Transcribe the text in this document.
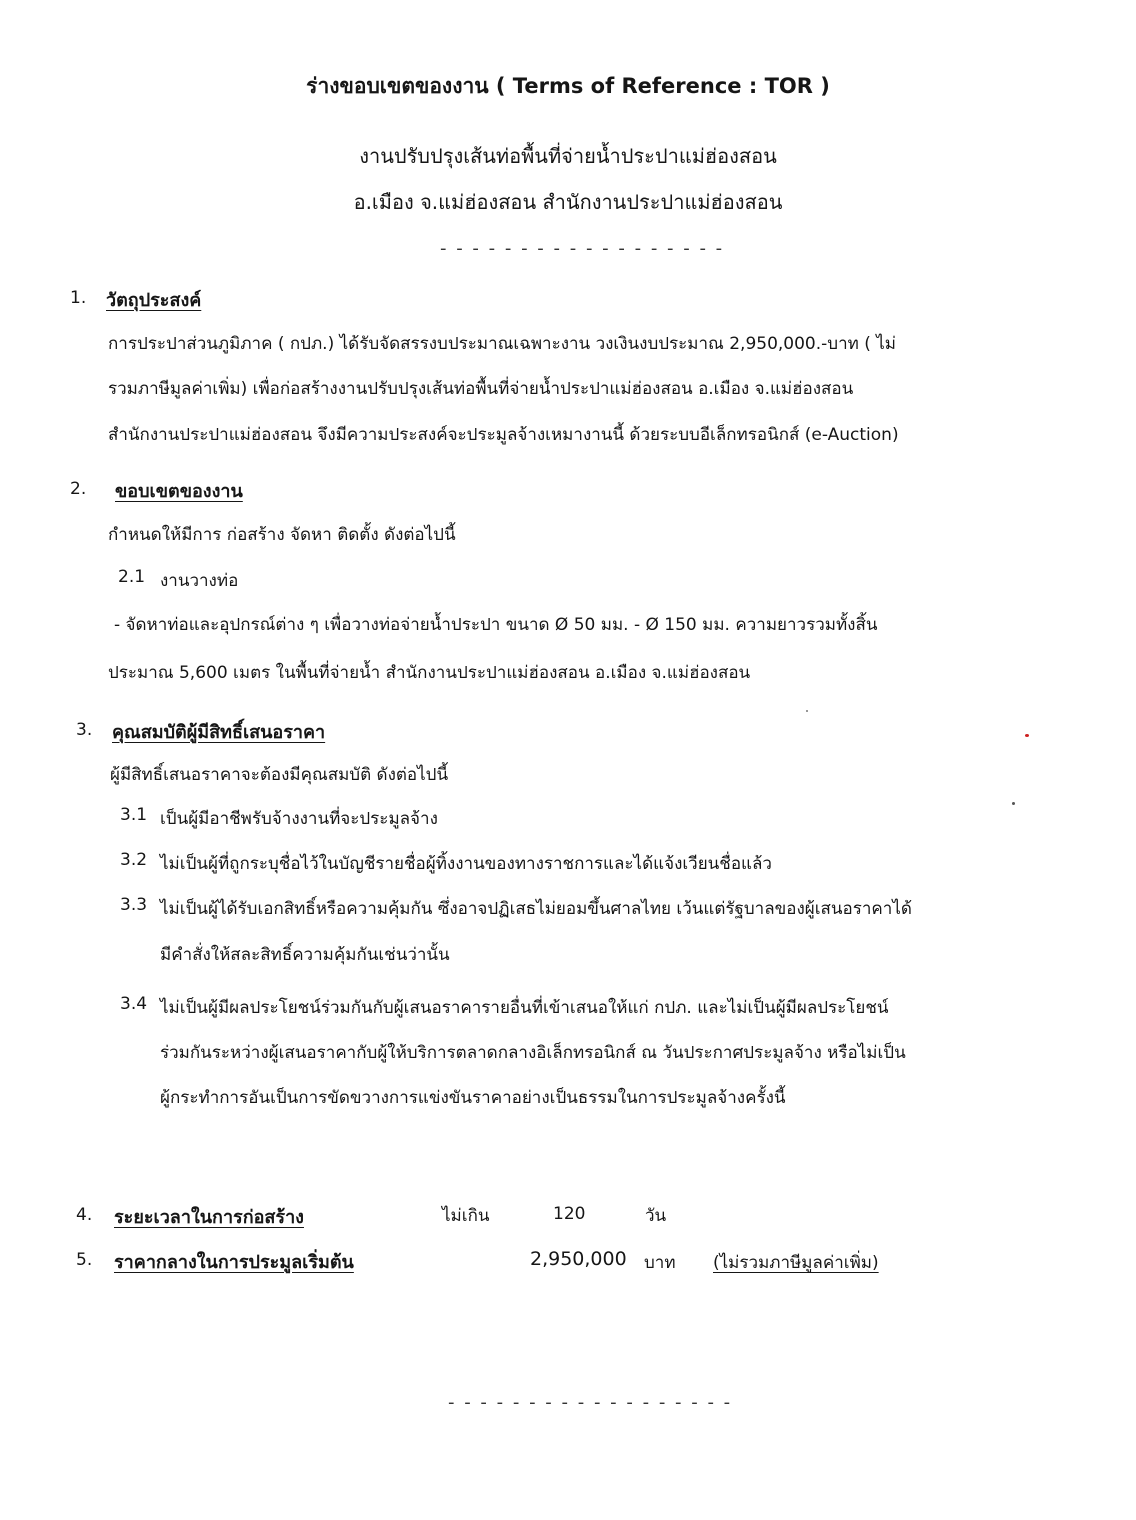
ร่างขอบเขตของงาน ( Terms of Reference : TOR )
งานปรับปรุงเส้นท่อพื้นที่จ่ายน้ำประปาแม่ฮ่องสอน
อ.เมือง จ.แม่ฮ่องสอน สำนักงานประปาแม่ฮ่องสอน
- - - - - - - - - - - - - - - - - -
1. วัตถุประสงค์
การประปาส่วนภูมิภาค ( กปภ.) ได้รับจัดสรรงบประมาณเฉพาะงาน วงเงินงบประมาณ 2,950,000.-บาท ( ไม่
รวมภาษีมูลค่าเพิ่ม) เพื่อก่อสร้างงานปรับปรุงเส้นท่อพื้นที่จ่ายน้ำประปาแม่ฮ่องสอน อ.เมือง จ.แม่ฮ่องสอน
สำนักงานประปาแม่ฮ่องสอน จึงมีความประสงค์จะประมูลจ้างเหมางานนี้ ด้วยระบบอีเล็กทรอนิกส์ (e-Auction)
2. ขอบเขตของงาน
กำหนดให้มีการ ก่อสร้าง จัดหา ติดตั้ง ดังต่อไปนี้
2.1 งานวางท่อ
- จัดหาท่อและอุปกรณ์ต่าง ๆ เพื่อวางท่อจ่ายน้ำประปา ขนาด Ø 50 มม. - Ø 150 มม. ความยาวรวมทั้งสิ้น
ประมาณ 5,600 เมตร ในพื้นที่จ่ายน้ำ สำนักงานประปาแม่ฮ่องสอน อ.เมือง จ.แม่ฮ่องสอน
3. คุณสมบัติผู้มีสิทธิ์เสนอราคา
ผู้มีสิทธิ์เสนอราคาจะต้องมีคุณสมบัติ ดังต่อไปนี้
3.1 เป็นผู้มีอาชีพรับจ้างงานที่จะประมูลจ้าง
3.2 ไม่เป็นผู้ที่ถูกระบุชื่อไว้ในบัญชีรายชื่อผู้ทิ้งงานของทางราชการและได้แจ้งเวียนชื่อแล้ว
3.3 ไม่เป็นผู้ได้รับเอกสิทธิ์หรือความคุ้มกัน ซึ่งอาจปฏิเสธไม่ยอมขึ้นศาลไทย เว้นแต่รัฐบาลของผู้เสนอราคาได้
มีคำสั่งให้สละสิทธิ์ความคุ้มกันเช่นว่านั้น
3.4 ไม่เป็นผู้มีผลประโยชน์ร่วมกันกับผู้เสนอราคารายอื่นที่เข้าเสนอให้แก่ กปภ. และไม่เป็นผู้มีผลประโยชน์
ร่วมกันระหว่างผู้เสนอราคากับผู้ให้บริการตลาดกลางอิเล็กทรอนิกส์ ณ วันประกาศประมูลจ้าง หรือไม่เป็น
ผู้กระทำการอันเป็นการขัดขวางการแข่งขันราคาอย่างเป็นธรรมในการประมูลจ้างครั้งนี้
4. ระยะเวลาในการก่อสร้าง	ไม่เกิน	120	วัน
5. ราคากลางในการประมูลเริ่มต้น	2,950,000 บาท (ไม่รวมภาษีมูลค่าเพิ่ม)
- - - - - - - - - - - - - - - - - -
